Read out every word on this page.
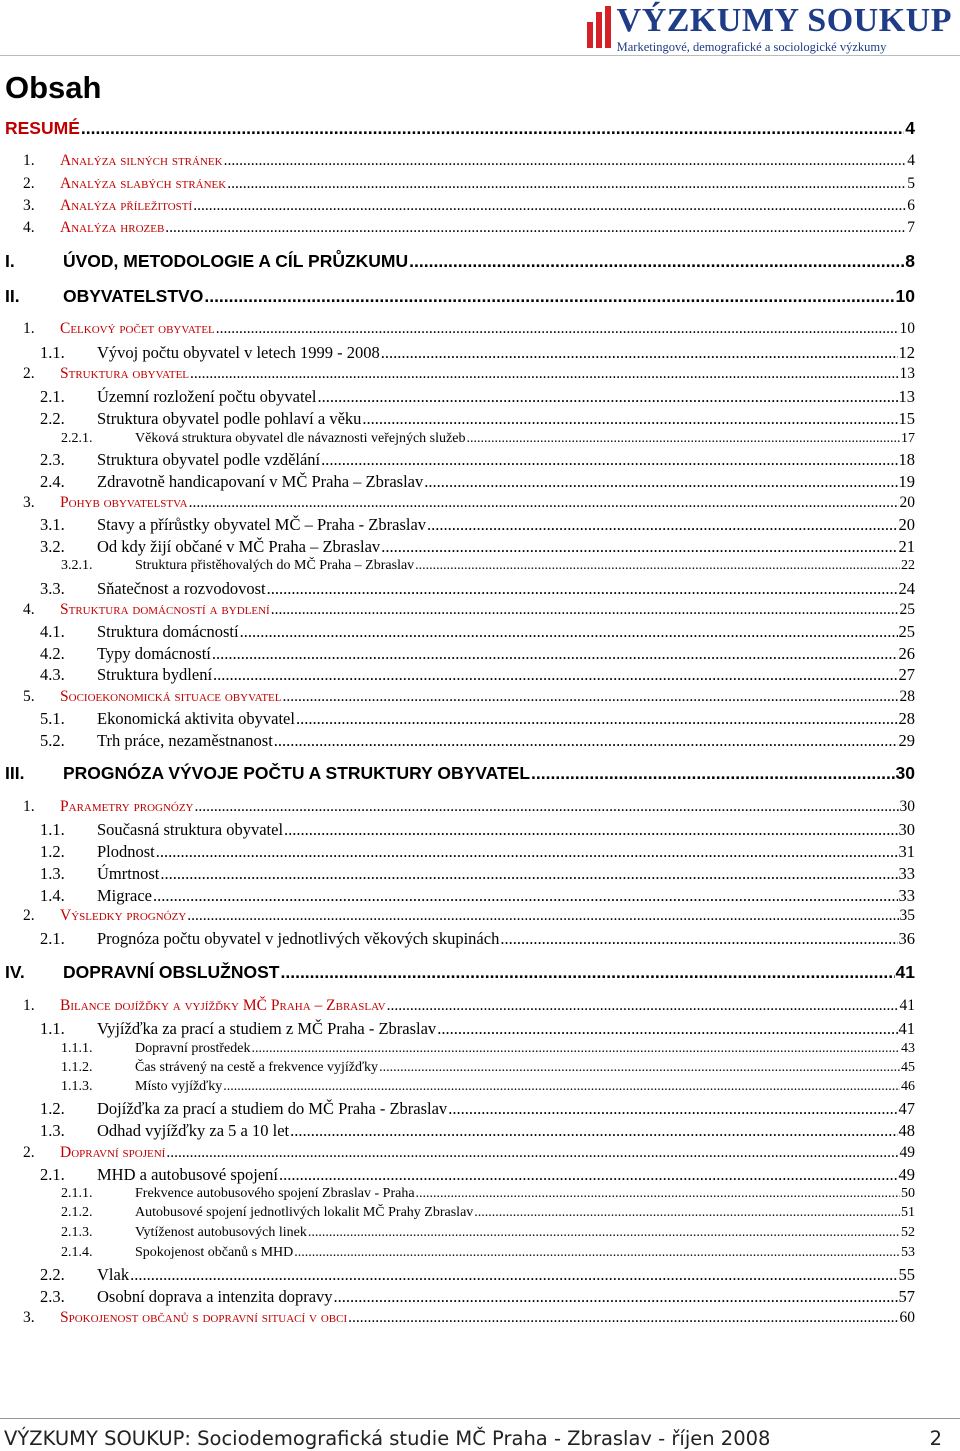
VÝZKUMY SOUKUP
Marketingové, demografické a sociologické výzkumy
Obsah
RESUMÉ .....	4
1.	Analýza silných stránek .....	4
2.	Analýza slabých stránek .....	5
3.	Analýza příležitostí .....	6
4.	Analýza hrozeb .....	7
I.	ÚVOD, METODOLOGIE A CÍL PRŮZKUMU .....	8
II.	OBYVATELSTVO .....	10
1.	Celkový počet obyvatel .....	10
1.1.	Vývoj počtu obyvatel v letech 1999 - 2008 .....	12
2.	Struktura obyvatel .....	13
2.1.	Územní rozložení počtu obyvatel .....	13
2.2.	Struktura obyvatel podle pohlaví a věku .....	15
2.2.1.	Věková struktura obyvatel dle návaznosti veřejných služeb .....	17
2.3.	Struktura obyvatel podle vzdělání .....	18
2.4.	Zdravotně handicapovaní v MČ Praha – Zbraslav .....	19
3.	Pohyb obyvatelstva .....	20
3.1.	Stavy a přírůstky obyvatel MČ – Praha - Zbraslav .....	20
3.2.	Od kdy žijí občané v MČ Praha – Zbraslav .....	21
3.2.1.	Struktura přistěhovalých do MČ Praha – Zbraslav .....	22
3.3.	Sňatečnost a rozvodovost .....	24
4.	Struktura domácností a bydlení .....	25
4.1.	Struktura domácností .....	25
4.2.	Typy domácností .....	26
4.3.	Struktura bydlení .....	27
5.	Socioekonomická situace obyvatel .....	28
5.1.	Ekonomická aktivita obyvatel .....	28
5.2.	Trh práce, nezaměstnanost .....	29
III.	PROGNÓZA VÝVOJE POČTU A STRUKTURY OBYVATEL .....	30
1.	Parametry prognózy .....	30
1.1.	Současná struktura obyvatel .....	30
1.2.	Plodnost .....	31
1.3.	Úmrtnost .....	33
1.4.	Migrace .....	33
2.	Výsledky prognózy .....	35
2.1.	Prognóza počtu obyvatel v jednotlivých věkových skupinách .....	36
IV.	DOPRAVNÍ OBSLUŽNOST .....	41
1.	Bilance dojížďky a vyjížďky MČ Praha – Zbraslav .....	41
1.1.	Vyjížďka za prací a studiem z MČ Praha - Zbraslav .....	41
1.1.1.	Dopravní prostředek .....	43
1.1.2.	Čas strávený na cestě a frekvence vyjížďky .....	45
1.1.3.	Místo vyjížďky .....	46
1.2.	Dojížďka za prací a studiem do MČ Praha - Zbraslav .....	47
1.3.	Odhad vyjížďky za 5 a 10 let .....	48
2.	Dopravní spojení .....	49
2.1.	MHD a autobusové spojení .....	49
2.1.1.	Frekvence autobusového spojení Zbraslav - Praha .....	50
2.1.2.	Autobusové spojení jednotlivých lokalit MČ Prahy Zbraslav .....	51
2.1.3.	Vytíženost autobusových linek .....	52
2.1.4.	Spokojenost občanů s MHD .....	53
2.2.	Vlak .....	55
2.3.	Osobní doprava a intenzita dopravy .....	57
3.	Spokojenost občanů s dopravní situací v obci .....	60
VÝZKUMY SOUKUP: Sociodemografická studie MČ Praha - Zbraslav - říjen 2008	2
